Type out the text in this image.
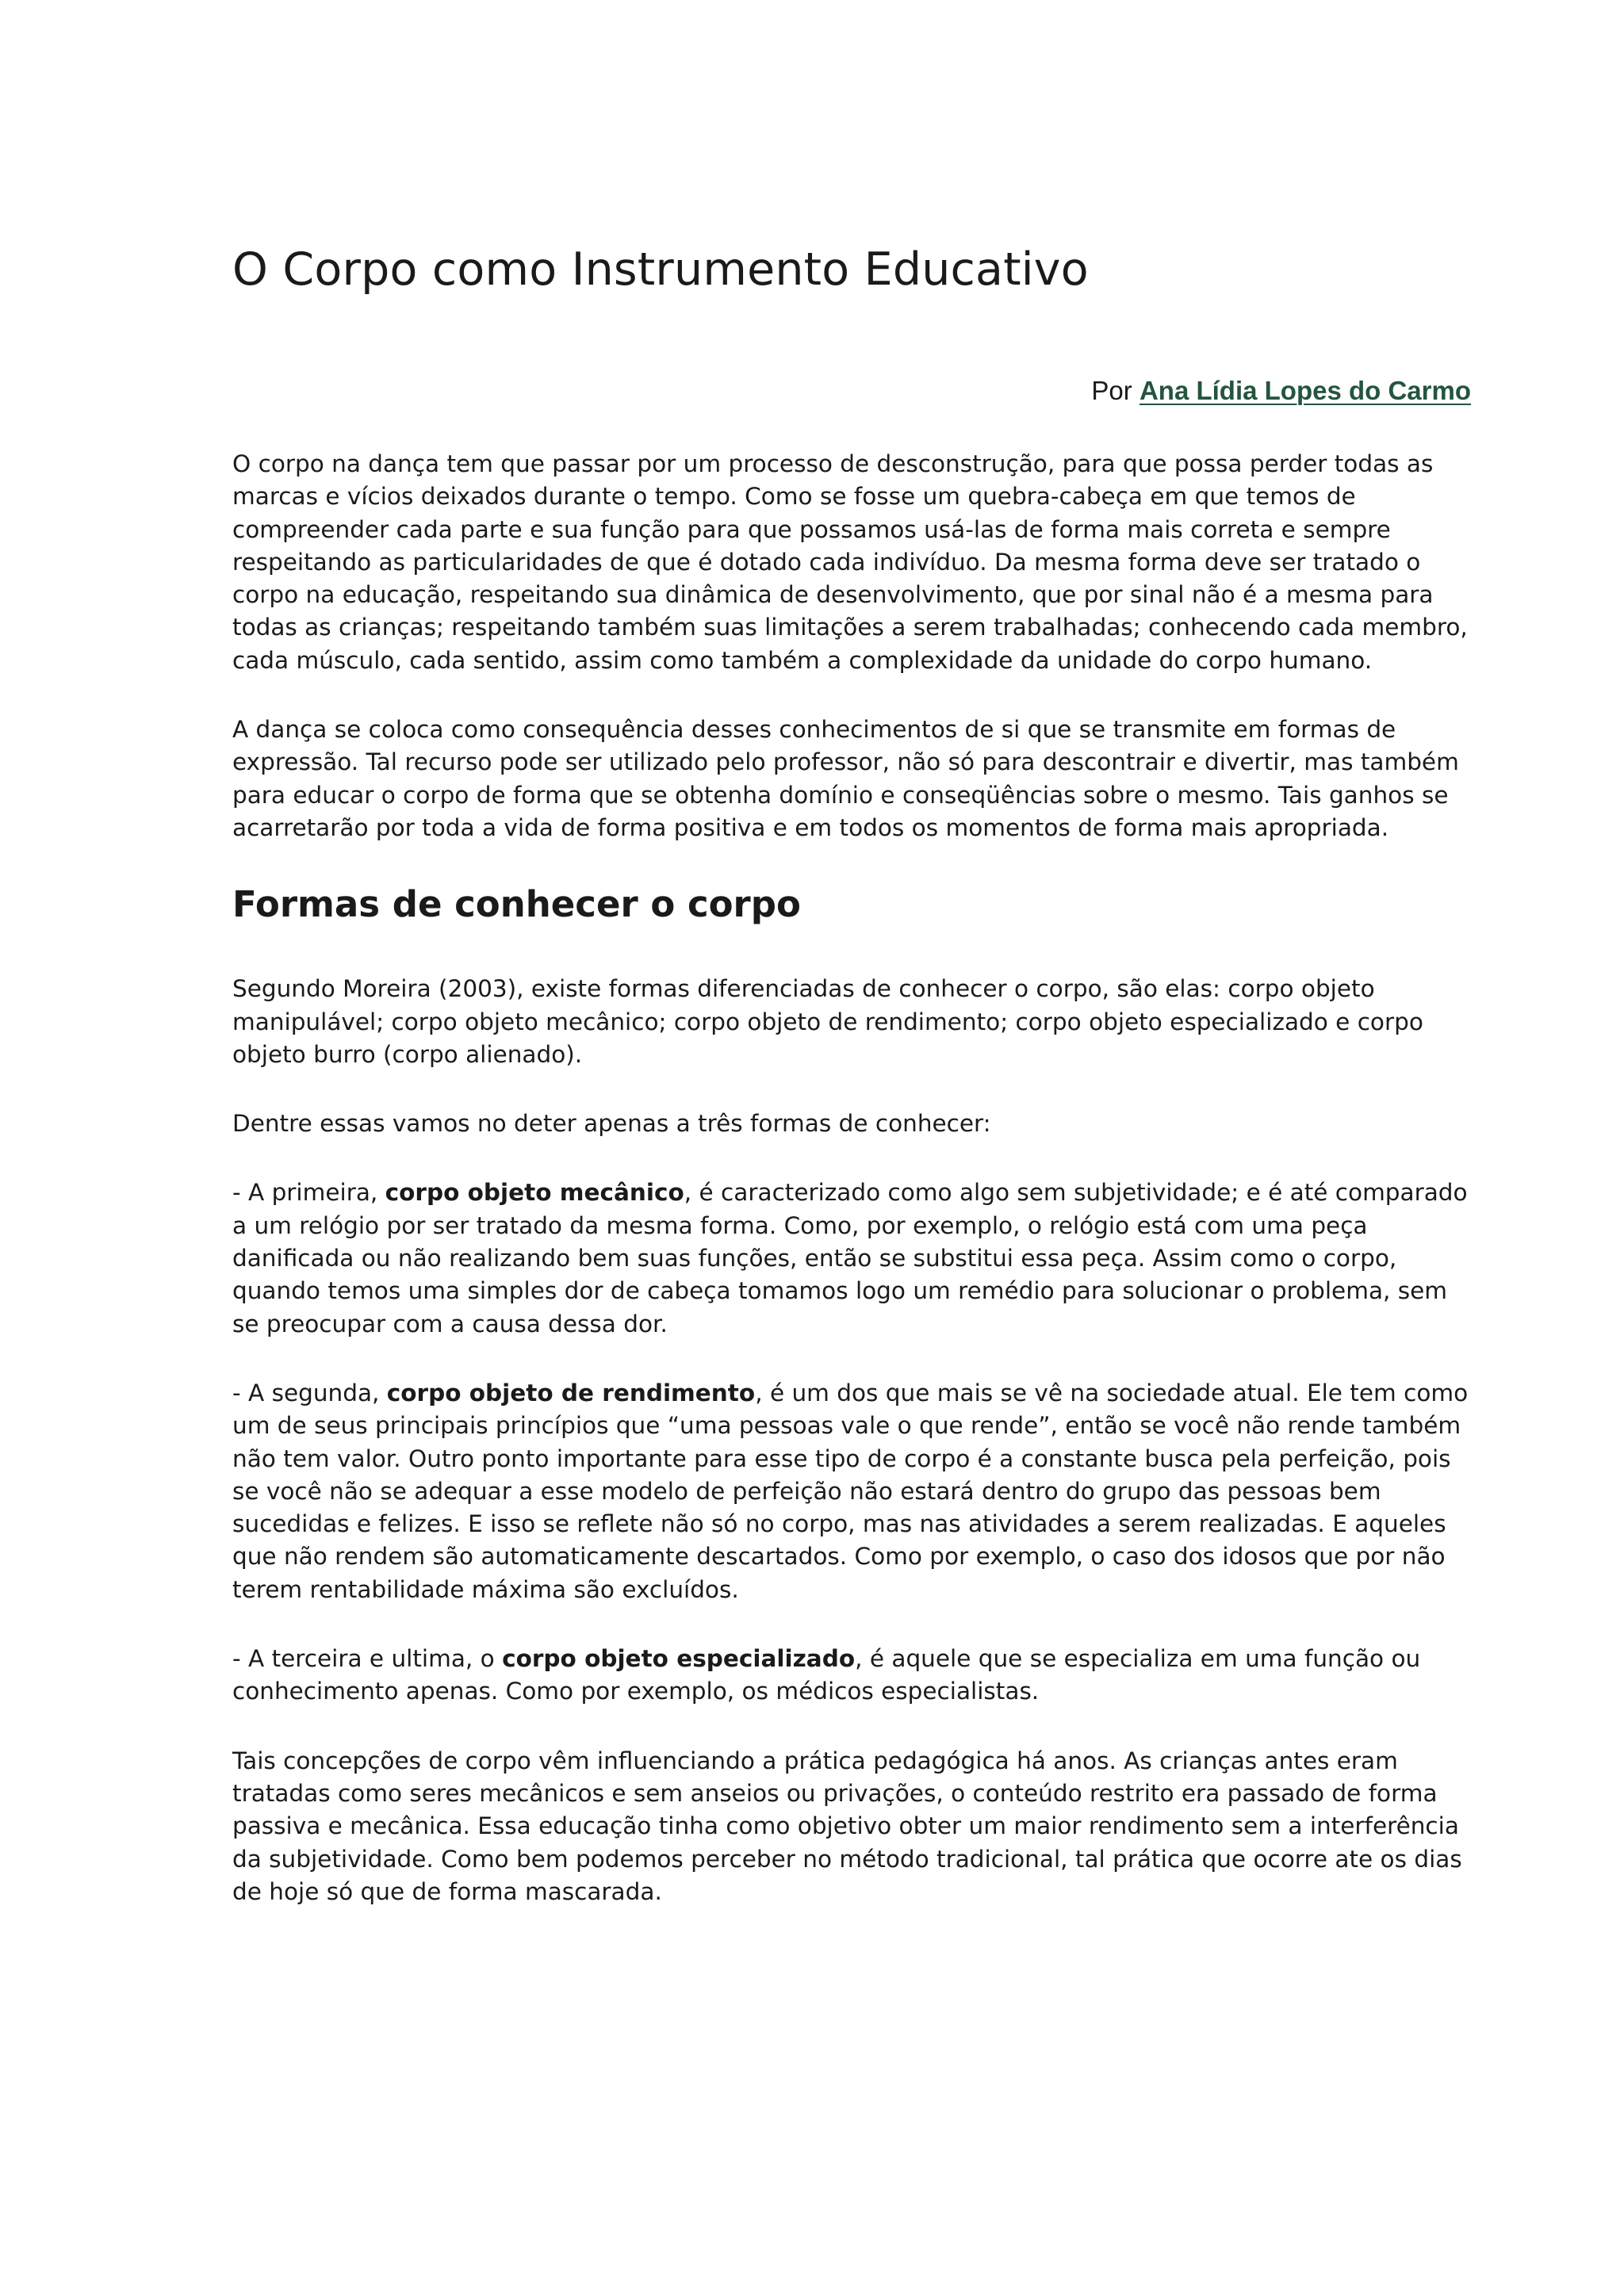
O Corpo como Instrumento Educativo
Por Ana Lídia Lopes do Carmo

O corpo na dança tem que passar por um processo de desconstrução, para que possa perder todas as marcas e vícios deixados durante o tempo. Como se fosse um quebra-cabeça em que temos de compreender cada parte e sua função para que possamos usá-las de forma mais correta e sempre respeitando as particularidades de que é dotado cada indivíduo. Da mesma forma deve ser tratado o corpo na educação, respeitando sua dinâmica de desenvolvimento, que por sinal não é a mesma para todas as crianças; respeitando também suas limitações a serem trabalhadas; conhecendo cada membro, cada músculo, cada sentido, assim como também a complexidade da unidade do corpo humano.

A dança se coloca como consequência desses conhecimentos de si que se transmite em formas de expressão. Tal recurso pode ser utilizado pelo professor, não só para descontrair e divertir, mas também para educar o corpo de forma que se obtenha domínio e conseqüências sobre o mesmo. Tais ganhos se acarretarão por toda a vida de forma positiva e em todos os momentos de forma mais apropriada.

Formas de conhecer o corpo

Segundo Moreira (2003), existe formas diferenciadas de conhecer o corpo, são elas: corpo objeto manipulável; corpo objeto mecânico; corpo objeto de rendimento; corpo objeto especializado e corpo objeto burro (corpo alienado).

Dentre essas vamos no deter apenas a três formas de conhecer:

- A primeira, corpo objeto mecânico, é caracterizado como algo sem subjetividade; e é até comparado a um relógio por ser tratado da mesma forma. Como, por exemplo, o relógio está com uma peça danificada ou não realizando bem suas funções, então se substitui essa peça. Assim como o corpo, quando temos uma simples dor de cabeça tomamos logo um remédio para solucionar o problema, sem se preocupar com a causa dessa dor.

- A segunda, corpo objeto de rendimento, é um dos que mais se vê na sociedade atual. Ele tem como um de seus principais princípios que “uma pessoas vale o que rende”, então se você não rende também não tem valor. Outro ponto importante para esse tipo de corpo é a constante busca pela perfeição, pois se você não se adequar a esse modelo de perfeição não estará dentro do grupo das pessoas bem sucedidas e felizes. E isso se reflete não só no corpo, mas nas atividades a serem realizadas. E aqueles que não rendem são automaticamente descartados. Como por exemplo, o caso dos idosos que por não terem rentabilidade máxima são excluídos.

- A terceira e ultima, o corpo objeto especializado, é aquele que se especializa em uma função ou conhecimento apenas. Como por exemplo, os médicos especialistas.

Tais concepções de corpo vêm influenciando a prática pedagógica há anos. As crianças antes eram tratadas como seres mecânicos e sem anseios ou privações, o conteúdo restrito era passado de forma passiva e mecânica. Essa educação tinha como objetivo obter um maior rendimento sem a interferência da subjetividade. Como bem podemos perceber no método tradicional, tal prática que ocorre ate os dias de hoje só que de forma mascarada.
